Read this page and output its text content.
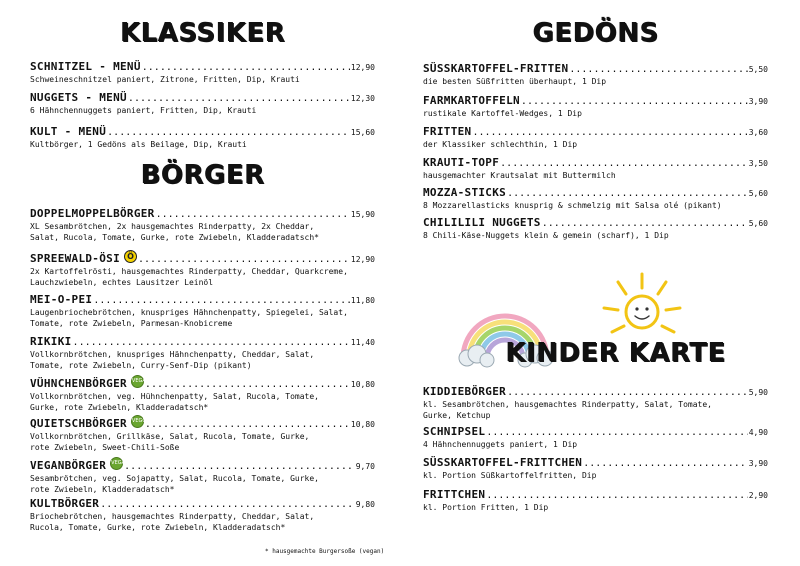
KLASSIKER
SCHNITZEL - MENÜ .....	12,90
Schweineschnitzel paniert, Zitrone, Fritten, Dip, Krauti
NUGGETS - MENÜ .....	12,30
6 Hähnchennuggets paniert, Fritten, Dip, Krauti
KULT - MENÜ .....	15,60
Kultbörger, 1 Gedöns als Beilage, Dip, Krauti
BÖRGER
DOPPELMOPPELBÖRGER .....	15,90
XL Sesambrötchen, 2x hausgemachtes Rinderpatty, 2x Cheddar,
Salat, Rucola, Tomate, Gurke, rote Zwiebeln, Kladderadatsch*
SPREEWALD-ÖSI Ö .....	12,90
2x Kartoffelrösti, hausgemachtes Rinderpatty, Cheddar, Quarkcreme,
Lauchzwiebeln, echtes Lausitzer Leinöl
MEI-O-PEI .....	11,80
Laugenbriochebrötchen, knuspriges Hähnchenpatty, Spiegelei, Salat,
Tomate, rote Zwiebeln, Parmesan-Knobicreme
RIKIKI .....	11,40
Vollkornbrötchen, knuspriges Hähnchenpatty, Cheddar, Salat,
Tomate, rote Zwiebeln, Curry-Senf-Dip (pikant)
VÜHNCHENBÖRGER VEGAN .....	10,80
Vollkornbrötchen, veg. Hühnchenpatty, Salat, Rucola, Tomate,
Gurke, rote Zwiebeln, Kladderadatsch*
QUIETSCHBÖRGER VEGGIE .....	10,80
Vollkornbrötchen, Grillkäse, Salat, Rucola, Tomate, Gurke,
rote Zwiebeln, Sweet-Chili-Soße
VEGANBÖRGER VEGAN .....	9,70
Sesambrötchen, veg. Sojapatty, Salat, Rucola, Tomate, Gurke,
rote Zwiebeln, Kladderadatsch*
KULTBÖRGER .....	9,80
Briochebrötchen, hausgemachtes Rinderpatty, Cheddar, Salat,
Rucola, Tomate, Gurke, rote Zwiebeln, Kladderadatsch*
* hausgemachte Burgersoße (vegan)
GEDÖNS
SÜSSKARTOFFEL-FRITTEN .....	5,50
die besten Süßfritten überhaupt, 1 Dip
FARMKARTOFFELN .....	3,90
rustikale Kartoffel-Wedges, 1 Dip
FRITTEN .....	3,60
der Klassiker schlechthin, 1 Dip
KRAUTI-TOPF .....	3,50
hausgemachter Krautsalat mit Buttermilch
MOZZA-STICKS .....	5,60
8 Mozzarellasticks knusprig & schmelzig mit Salsa olé (pikant)
CHILILILI NUGGETS .....	5,60
8 Chili-Käse-Nuggets klein & gemein (scharf), 1 Dip
KINDER KARTE
KIDDIEBÖRGER .....	5,90
kl. Sesambrötchen, hausgemachtes Rinderpatty, Salat, Tomate,
Gurke, Ketchup
SCHNIPSEL .....	4,90
4 Hähnchennuggets paniert, 1 Dip
SÜSSKARTOFFEL-FRITTCHEN .....	3,90
kl. Portion Süßkartoffelfritten, Dip
FRITTCHEN .....	2,90
kl. Portion Fritten, 1 Dip
